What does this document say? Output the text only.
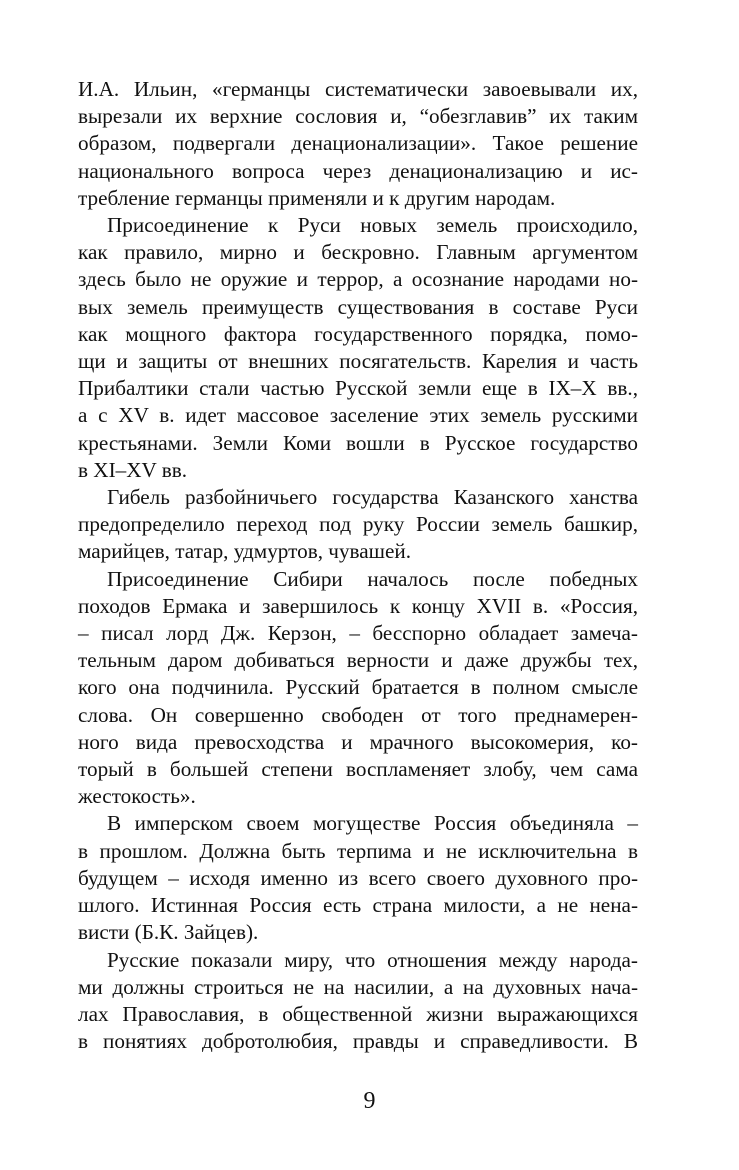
И.А. Ильин, «германцы систематически завоевывали их,
вырезали их верхние сословия и, “обезглавив” их таким
образом, подвергали денационализации». Такое решение
национального вопроса через денационализацию и ис-
требление германцы применяли и к другим народам.
Присоединение к Руси новых земель происходило,
как правило, мирно и бескровно. Главным аргументом
здесь было не оружие и террор, а осознание народами но-
вых земель преимуществ существования в составе Руси
как мощного фактора государственного порядка, помо-
щи и защиты от внешних посягательств. Карелия и часть
Прибалтики стали частью Русской земли еще в IX–X вв.,
а с XV в. идет массовое заселение этих земель русскими
крестьянами. Земли Коми вошли в Русское государство
в XI–XV вв.
Гибель разбойничьего государства Казанского ханства
предопределило переход под руку России земель башкир,
марийцев, татар, удмуртов, чувашей.
Присоединение Сибири началось после победных
походов Ермака и завершилось к концу XVII в. «Россия,
– писал лорд Дж. Керзон, – бесспорно обладает замеча-
тельным даром добиваться верности и даже дружбы тех,
кого она подчинила. Русский братается в полном смысле
слова. Он совершенно свободен от того преднамерен-
ного вида превосходства и мрачного высокомерия, ко-
торый в большей степени воспламеняет злобу, чем сама
жестокость».
В имперском своем могуществе Россия объединяла –
в прошлом. Должна быть терпима и не исключительна в
будущем – исходя именно из всего своего духовного про-
шлого. Истинная Россия есть страна милости, а не нена-
висти (Б.К. Зайцев).
Русские показали миру, что отношения между народа-
ми должны строиться не на насилии, а на духовных нача-
лах Православия, в общественной жизни выражающихся
в понятиях добротолюбия, правды и справедливости. В
9
